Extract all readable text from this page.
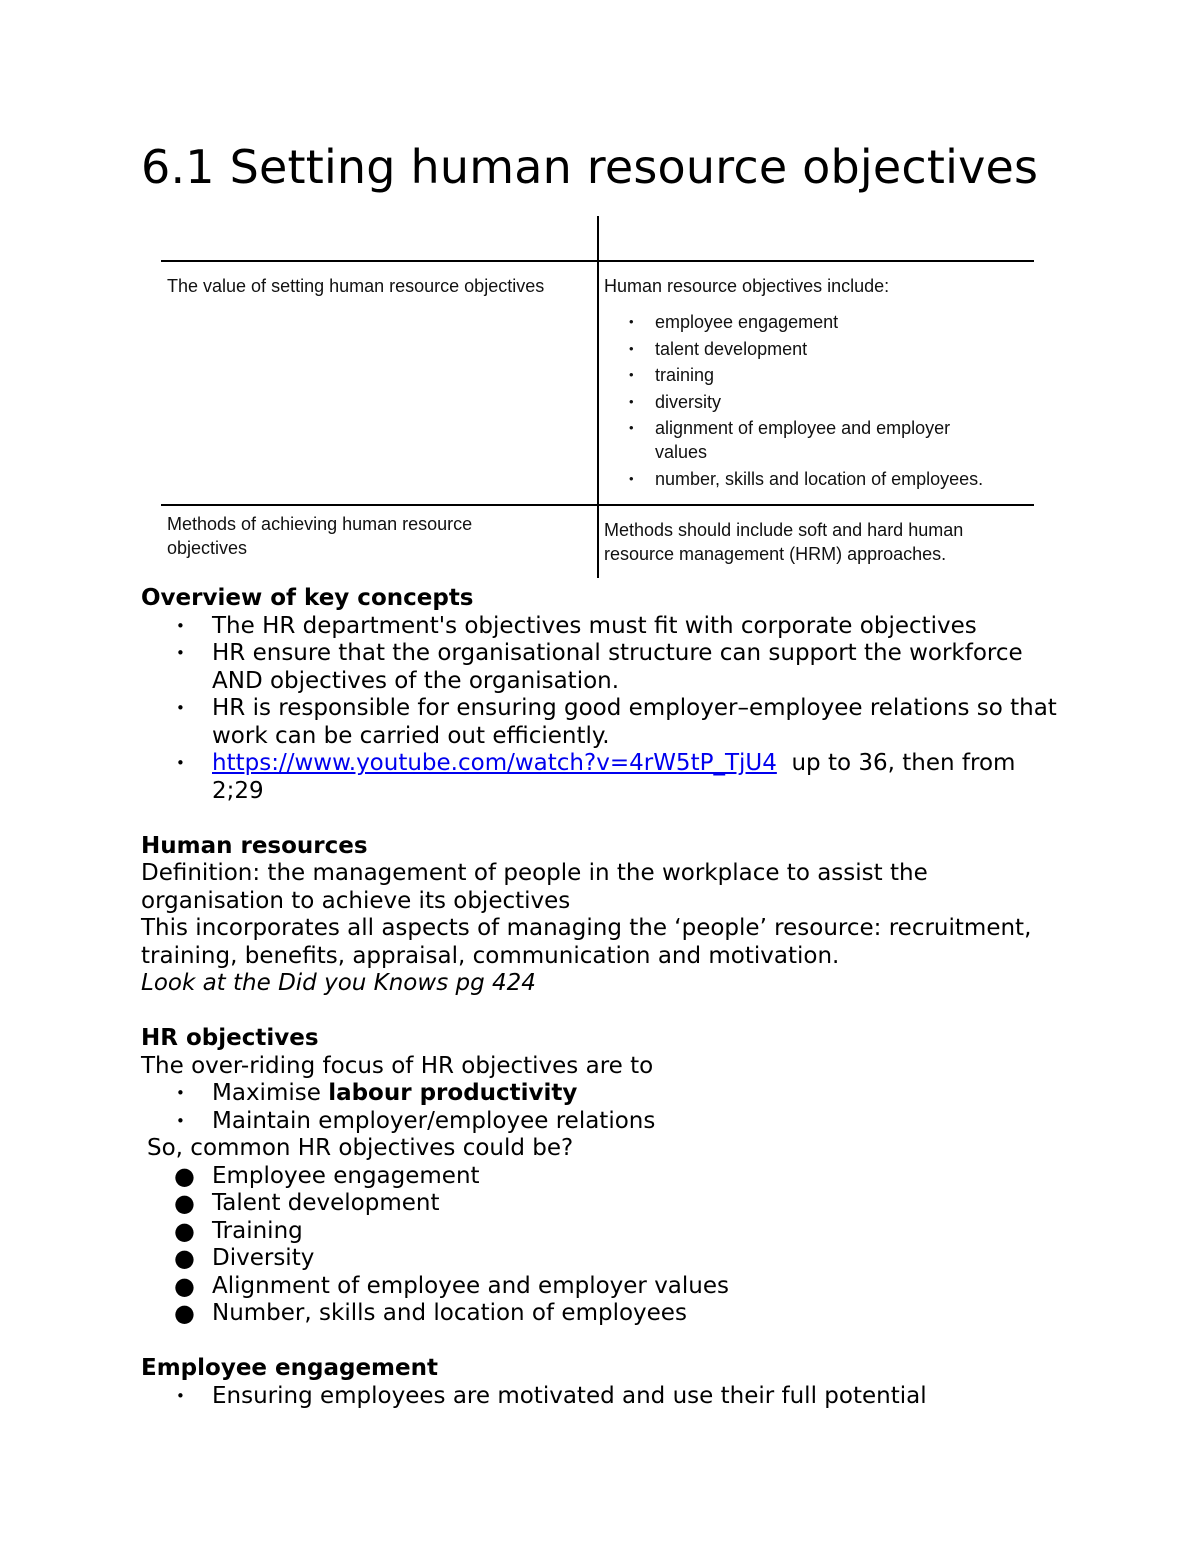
6.1 Setting human resource objectives
The value of setting human resource objectives	Human resource objectives include:
• employee engagement
• talent development
• training
• diversity
• alignment of employee and employer values
• number, skills and location of employees.
Methods of achieving human resource objectives
Methods should include soft and hard human resource management (HRM) approaches.
Overview of key concepts
• The HR department's objectives must fit with corporate objectives
• HR ensure that the organisational structure can support the workforce AND objectives of the organisation.
• HR is responsible for ensuring good employer–employee relations so that work can be carried out efficiently.
• https://www.youtube.com/watch?v=4rW5tP_TjU4 up to 36, then from 2;29
Human resources

Definition: the management of people in the workplace to assist the organisation to achieve its objectives

This incorporates all aspects of managing the ‘people’ resource: recruitment, training, benefits, appraisal, communication and motivation.

Look at the Did you Knows pg 424

HR objectives

The over-riding focus of HR objectives are to

• Maximise labour productivity
• Maintain employer/employee relations

So, common HR objectives could be?

● Employee engagement
● Talent development
● Training
● Diversity
● Alignment of employee and employer values
● Number, skills and location of employees
Employee engagement
• Ensuring employees are motivated and use their full potential
